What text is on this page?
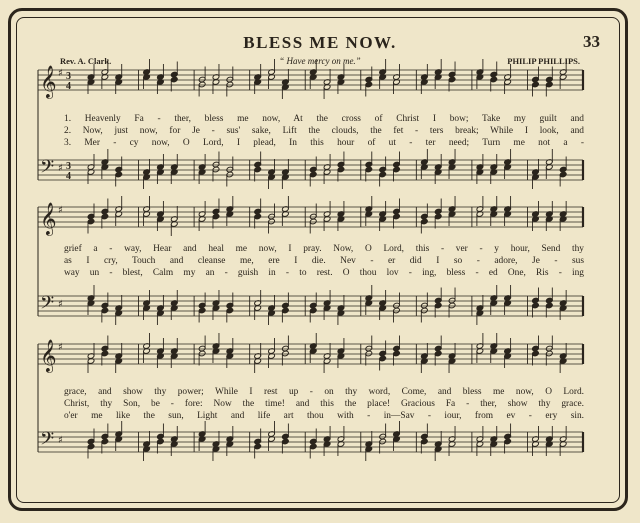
BLESS ME NOW.	33
Rev. A. Clark.	“ Have mercy on me.”	PHILIP PHILLIPS.
𝄞 ♯ 3
4
𝄢 ♯ 3
4
𝄞 ♯
𝄢 ♯
𝄞 ♯
𝄢 ♯
1. Heavenly Fa - ther, bless me now, At the cross of Christ I bow; Take my guilt and
2. Now, just now, for Je - sus' sake, Lift the clouds, the fet - ters break; While I look, and
3. Mer - cy now, O Lord, I plead, In this hour of ut - ter need; Turn me not a -
grief a - way, Hear and heal me now, I pray. Now, O Lord, this - ver - y hour, Send thy
as I cry, Touch and cleanse me, ere I die. Nev - er did I so - adore, Je - sus
way un - blest, Calm my an - guish in - to rest. O thou lov - ing, bless - ed One, Ris - ing
grace, and show thy power; While I rest up - on thy word, Come, and bless me now, O Lord.
Christ, thy Son, be - fore: Now the time! and this the place! Gracious Fa - ther, show thy grace.
o'er me like the sun, Light and life art thou with - in—Sav - iour, from ev - ery sin.
